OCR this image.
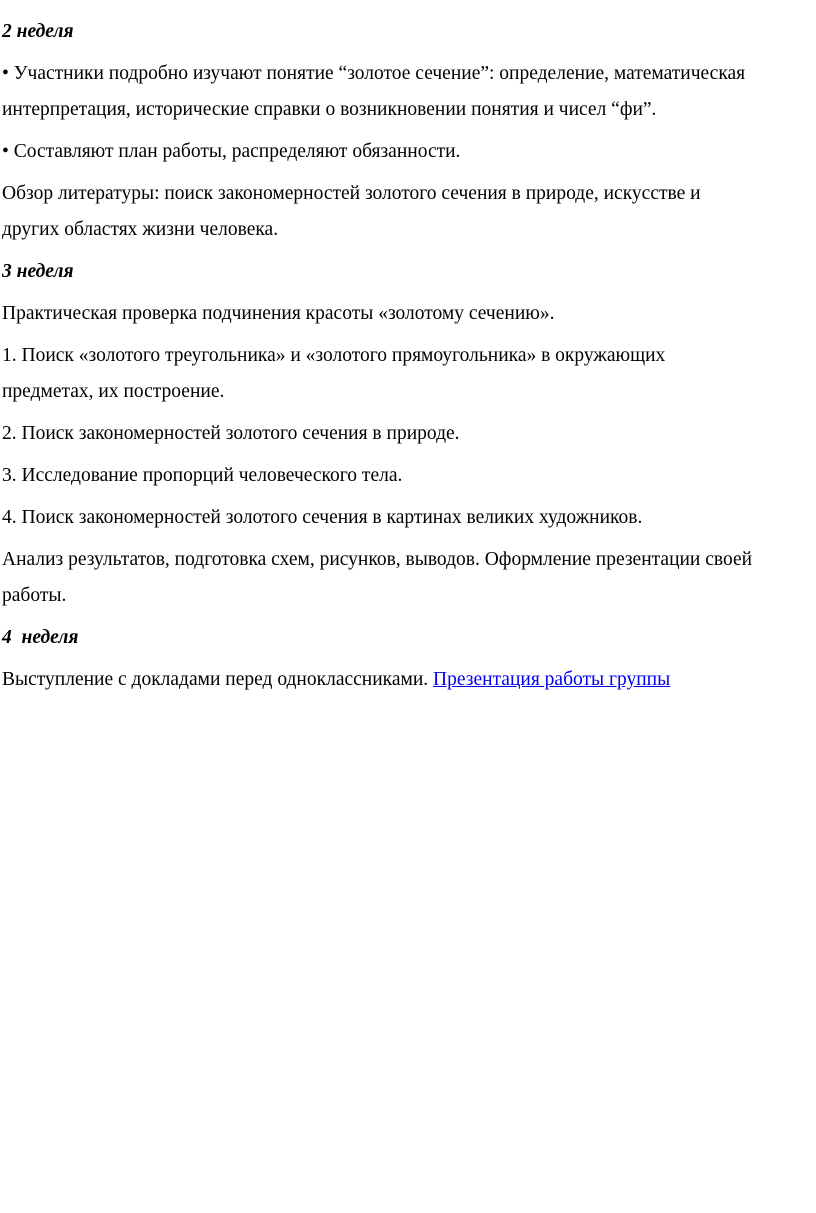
2 неделя
• Участники подробно изучают понятие “золотое сечение”: определение, математическая
интерпретация, исторические справки о возникновении понятия и чисел “фи”.
• Составляют план работы, распределяют обязанности.
Обзор литературы: поиск закономерностей золотого сечения в природе, искусстве и
других областях жизни человека.
3 неделя
Практическая проверка подчинения красоты «золотому сечению».
1. Поиск «золотого треугольника» и «золотого прямоугольника» в окружающих
предметах, их построение.
2. Поиск закономерностей золотого сечения в природе.
3. Исследование пропорций человеческого тела.
4. Поиск закономерностей золотого сечения в картинах великих художников.
Анализ результатов, подготовка схем, рисунков, выводов. Оформление презентации своей
работы.
4  неделя
Выступление с докладами перед одноклассниками. Презентация работы группы
